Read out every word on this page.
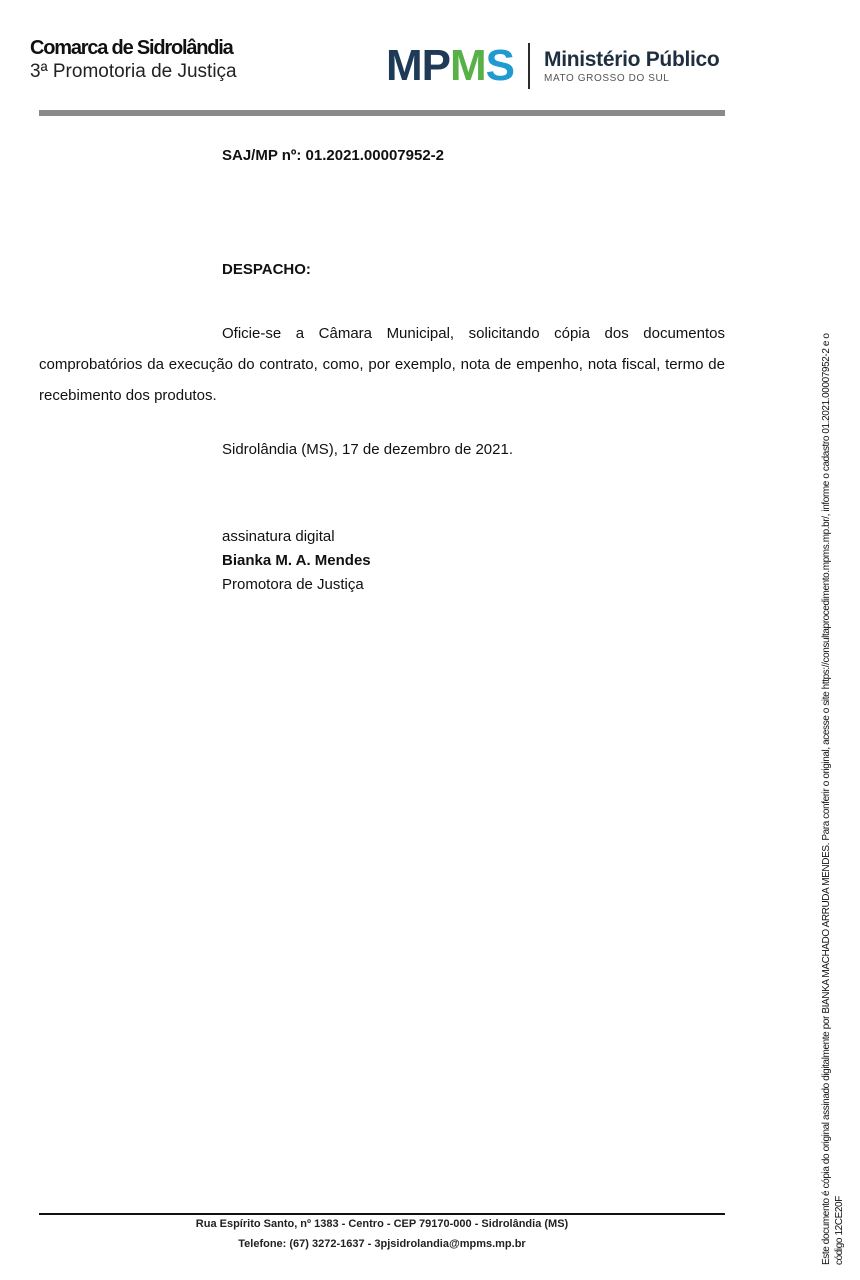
Comarca de Sidrolândia
3ª Promotoria de Justiça	MPMS Ministério Público
MATO GROSSO DO SUL
SAJ/MP nº: 01.2021.00007952-2
DESPACHO:
Oficie-se a Câmara Municipal, solicitando cópia dos documentos comprobatórios da execução do contrato, como, por exemplo, nota de empenho, nota fiscal, termo de recebimento dos produtos.
Sidrolândia (MS), 17 de dezembro de 2021.
assinatura digital
Bianka M. A. Mendes
Promotora de Justiça
Rua Espírito Santo, nº 1383 - Centro - CEP 79170-000 - Sidrolândia (MS)
Telefone: (67) 3272-1637 - 3pjsidrolandia@mpms.mp.br	Este documento é cópia do original assinado digitalmente por BIANKA MACHADO ARRUDA MENDES. Para conferir o original, acesse o site https://consultaprocedimento.mpms.mp.br/, informe o cadastro 01.2021.00007952-2 e o código 12CE20F
